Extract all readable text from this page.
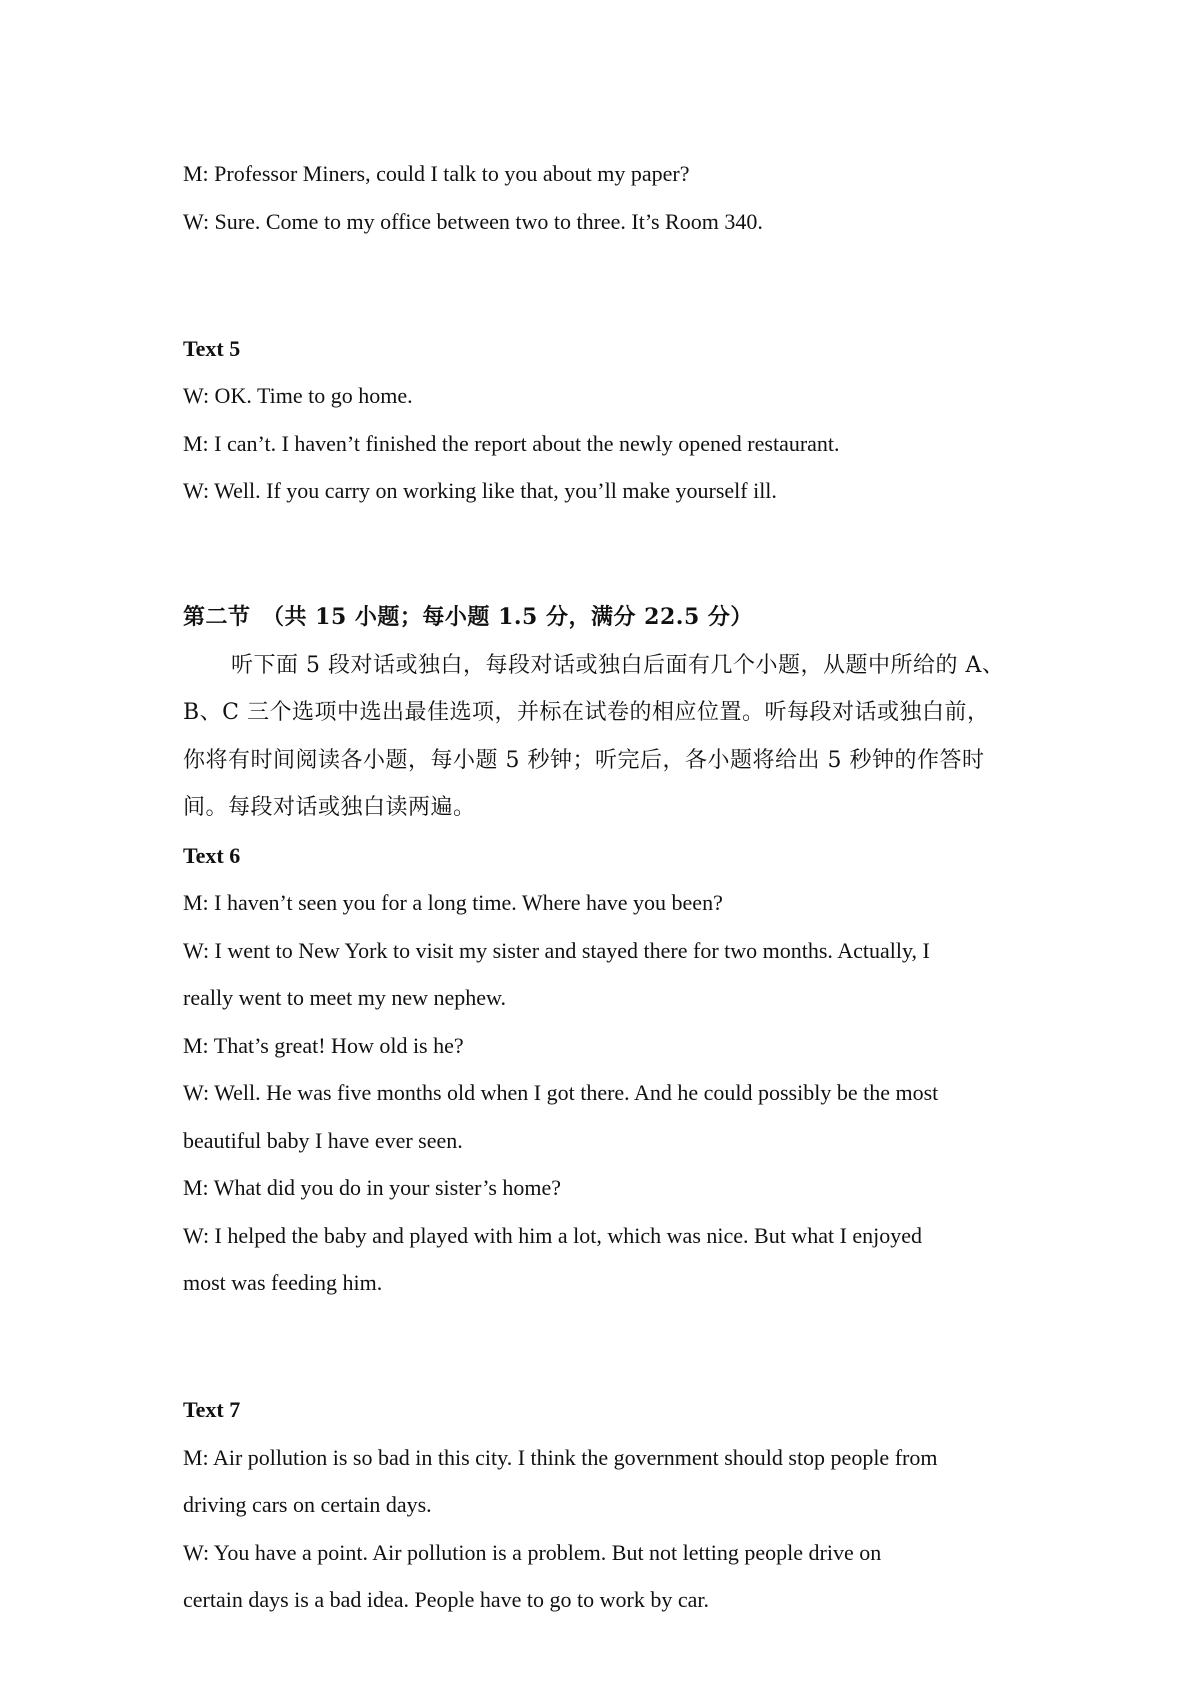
M: Professor Miners, could I talk to you about my paper?

W: Sure. Come to my office between two to three. It’s Room 340.

Text 5

W: OK. Time to go home.

M: I can’t. I haven’t finished the report about the newly opened restaurant.

W: Well. If you carry on working like that, you’ll make yourself ill.

第二节　（共 15 小题；每小题 1.5 分，满分 22.5 分）

听下面 5 段对话或独白，每段对话或独白后面有几个小题，从题中所给的 A、

B、C 三个选项中选出最佳选项，并标在试卷的相应位置。听每段对话或独白前，

你将有时间阅读各小题，每小题 5 秒钟；听完后，各小题将给出 5 秒钟的作答时

间。每段对话或独白读两遍。

Text 6

M: I haven’t seen you for a long time. Where have you been?

W: I went to New York to visit my sister and stayed there for two months. Actually, I

really went to meet my new nephew.

M: That’s great! How old is he?

W: Well. He was five months old when I got there. And he could possibly be the most

beautiful baby I have ever seen.

M: What did you do in your sister’s home?

W: I helped the baby and played with him a lot, which was nice. But what I enjoyed

most was feeding him.

Text 7

M: Air pollution is so bad in this city. I think the government should stop people from

driving cars on certain days.

W: You have a point. Air pollution is a problem. But not letting people drive on

certain days is a bad idea. People have to go to work by car.
